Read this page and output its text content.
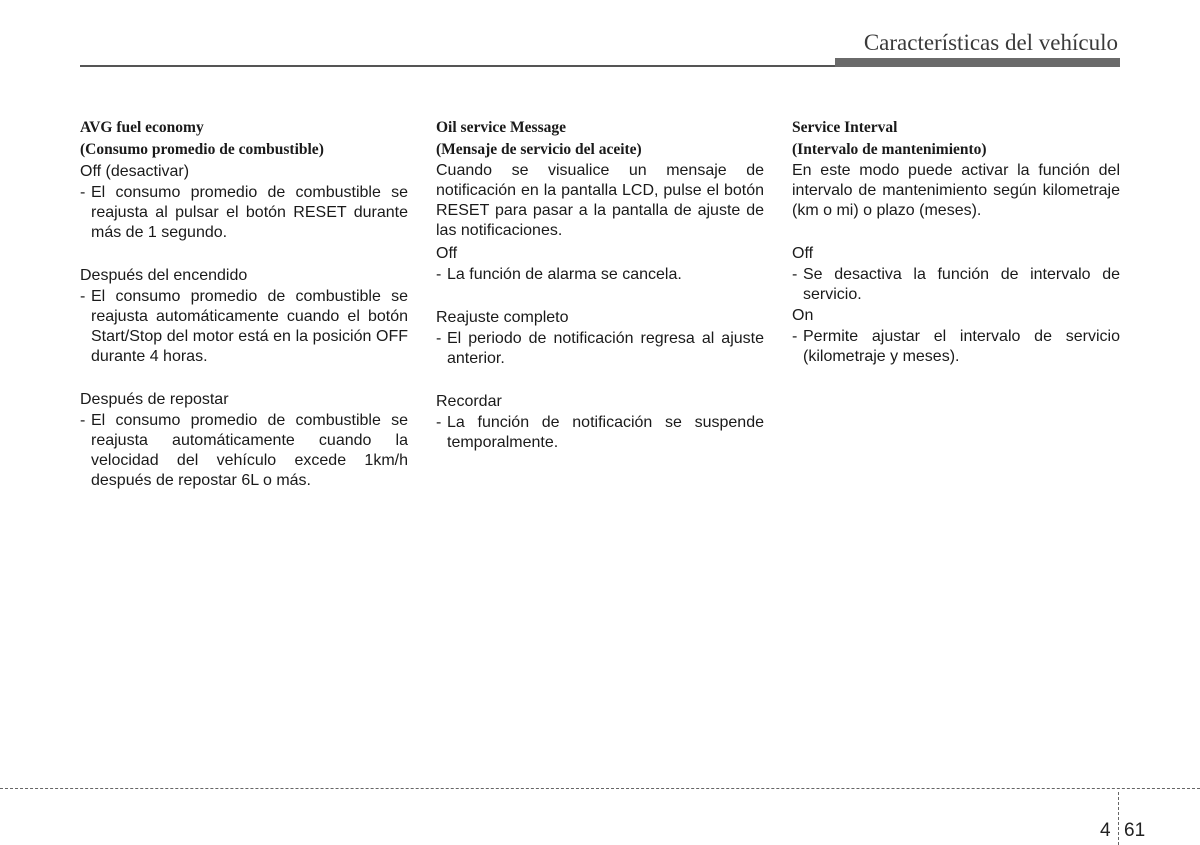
Características del vehículo

AVG fuel economy

(Consumo promedio de combustible)

Off (desactivar)

- El consumo promedio de combustible se reajusta al pulsar el botón RESET durante más de 1 segundo.

Después del encendido

- El consumo promedio de combustible se reajusta automáticamente cuando el botón Start/Stop del motor está en la posición OFF durante 4 horas.

Después de repostar

- El consumo promedio de combustible se reajusta automáticamente cuando la velocidad del vehículo excede 1km/h después de repostar 6L o más.

Oil service Message

(Mensaje de servicio del aceite)

Cuando se visualice un mensaje de notificación en la pantalla LCD, pulse el botón RESET para pasar a la pantalla de ajuste de las notificaciones.

Off

- La función de alarma se cancela.

Reajuste completo

- El periodo de notificación regresa al ajuste anterior.

Recordar

- La función de notificación se suspende temporalmente.

Service Interval

(Intervalo de mantenimiento)

En este modo puede activar la función del intervalo de mantenimiento según kilometraje (km o mi) o plazo (meses).

Off

- Se desactiva la función de intervalo de servicio.

On

- Permite ajustar el intervalo de servicio (kilometraje y meses).
4 61
